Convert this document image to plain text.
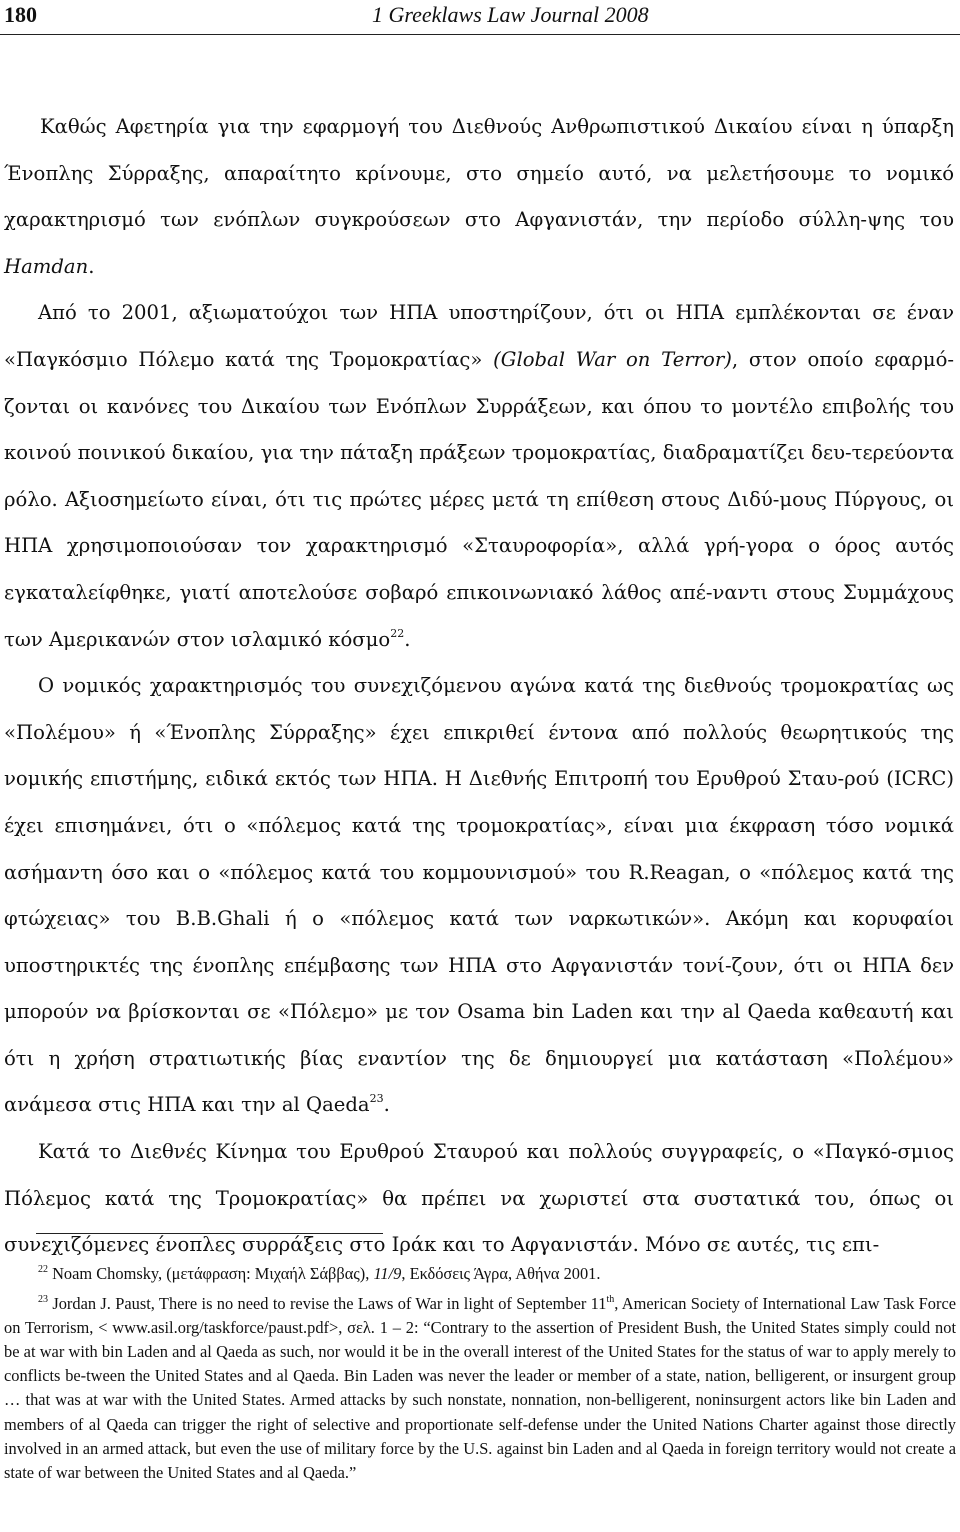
180	1 Greeklaws Law Journal 2008

Καθώς Αφετηρία για την εφαρμογή του Διεθνούς Ανθρωπιστικού Δικαίου είναι η ύπαρξη Ένοπλης Σύρραξης, απαραίτητο κρίνουμε, στο σημείο αυτό, να μελετήσουμε το νομικό χαρακτηρισμό των ενόπλων συγκρούσεων στο Αφγανιστάν, την περίοδο σύλλη-ψης του Hamdan.

Από το 2001, αξιωματούχοι των ΗΠΑ υποστηρίζουν, ότι οι ΗΠΑ εμπλέκονται σε έναν «Παγκόσμιο Πόλεμο κατά της Τρομοκρατίας» (Global War on Terror), στον οποίο εφαρμό-ζονται οι κανόνες του Δικαίου των Ενόπλων Συρράξεων, και όπου το μοντέλο επιβολής του κοινού ποινικού δικαίου, για την πάταξη πράξεων τρομοκρατίας, διαδραματίζει δευ-τερεύοντα ρόλο. Αξιοσημείωτο είναι, ότι τις πρώτες μέρες μετά τη επίθεση στους Διδύ-μους Πύργους, οι ΗΠΑ χρησιμοποιούσαν τον χαρακτηρισμό «Σταυροφορία», αλλά γρή-γορα ο όρος αυτός εγκαταλείφθηκε, γιατί αποτελούσε σοβαρό επικοινωνιακό λάθος απέ-ναντι στους Συμμάχους των Αμερικανών στον ισλαμικό κόσμο$^{22}$.

Ο νομικός χαρακτηρισμός του συνεχιζόμενου αγώνα κατά της διεθνούς τρομοκρατίας ως «Πολέμου» ή «Ένοπλης Σύρραξης» έχει επικριθεί έντονα από πολλούς θεωρητικούς της νομικής επιστήμης, ειδικά εκτός των ΗΠΑ. Η Διεθνής Επιτροπή του Ερυθρού Σταυ-ρού (ICRC) έχει επισημάνει, ότι ο «πόλεμος κατά της τρομοκρατίας», είναι μια έκφραση τόσο νομικά ασήμαντη όσο και ο «πόλεμος κατά του κομμουνισμού» του R.Reagan, ο «πόλεμος κατά της φτώχειας» του B.B.Ghali ή ο «πόλεμος κατά των ναρκωτικών». Ακόμη και κορυφαίοι υποστηρικτές της ένοπλης επέμβασης των ΗΠΑ στο Αφγανιστάν τονί-ζουν, ότι οι ΗΠΑ δεν μπορούν να βρίσκονται σε «Πόλεμο» με τον Osama bin Laden και την al Qaeda καθεαυτή και ότι η χρήση στρατιωτικής βίας εναντίον της δε δημιουργεί μια κατάσταση «Πολέμου» ανάμεσα στις ΗΠΑ και την al Qaeda$^{23}$.

Κατά το Διεθνές Κίνημα του Ερυθρού Σταυρού και πολλούς συγγραφείς, ο «Παγκό-σμιος Πόλεμος κατά της Τρομοκρατίας» θα πρέπει να χωριστεί στα συστατικά του, όπως οι συνεχιζόμενες ένοπλες συρράξεις στο Ιράκ και το Αφγανιστάν. Μόνο σε αυτές, τις επι-

$^{22}$ Noam Chomsky, (μετάφραση: Μιχαήλ Σάββας), 11/9, Εκδόσεις Άγρα, Αθήνα 2001.

$^{23}$ Jordan J. Paust, There is no need to revise the Laws of War in light of September 11th, American Society of International Law Task Force on Terrorism, < www.asil.org/taskforce/paust.pdf>, σελ. 1 – 2: “Contrary to the assertion of President Bush, the United States simply could not be at war with bin Laden and al Qaeda as such, nor would it be in the overall interest of the United States for the status of war to apply merely to conflicts be-tween the United States and al Qaeda. Bin Laden was never the leader or member of a state, nation, belligerent, or insurgent group … that was at war with the United States. Armed attacks by such nonstate, nonnation, non-belligerent, noninsurgent actors like bin Laden and members of al Qaeda can trigger the right of selective and proportionate self-defense under the United Nations Charter against those directly involved in an armed attack, but even the use of military force by the U.S. against bin Laden and al Qaeda in foreign territory would not create a state of war between the United States and al Qaeda.”
